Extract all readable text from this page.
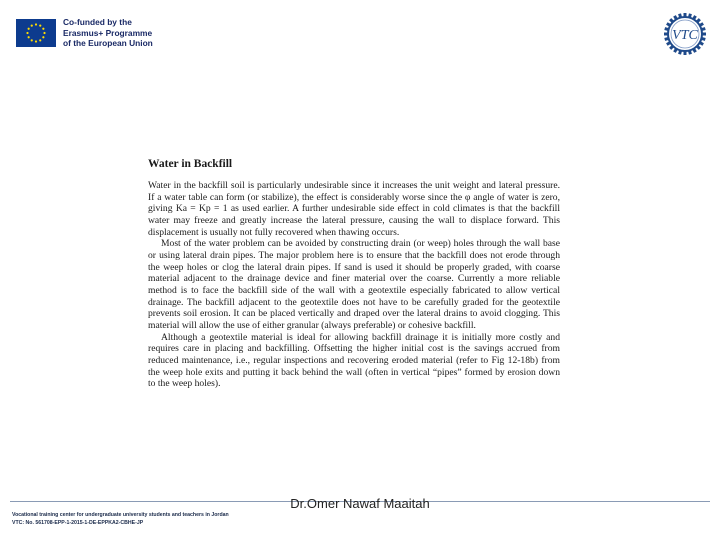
Co-funded by the
Erasmus+ Programme
of the European Union	VTC
Water in Backfill

Water in the backfill soil is particularly undesirable since it increases the unit weight and lateral pressure. If a water table can form (or stabilize), the effect is considerably worse since the φ angle of water is zero, giving Ka = Kp = 1 as used earlier. A further undesirable side effect in cold climates is that the backfill water may freeze and greatly increase the lateral pressure, causing the wall to displace forward. This displacement is usually not fully recovered when thawing occurs.

Most of the water problem can be avoided by constructing drain (or weep) holes through the wall base or using lateral drain pipes. The major problem here is to ensure that the backfill does not erode through the weep holes or clog the lateral drain pipes. If sand is used it should be properly graded, with coarse material adjacent to the drainage device and finer material over the coarse. Currently a more reliable method is to face the backfill side of the wall with a geotextile especially fabricated to allow vertical drainage. The backfill adjacent to the geotextile does not have to be carefully graded for the geotextile prevents soil erosion. It can be placed vertically and draped over the lateral drains to avoid clogging. This material will allow the use of either granular (always preferable) or cohesive backfill.

Although a geotextile material is ideal for allowing backfill drainage it is initially more costly and requires care in placing and backfilling. Offsetting the higher initial cost is the savings accrued from reduced maintenance, i.e., regular inspections and recovering eroded material (refer to Fig 12-18b) from the weep hole exits and putting it back behind the wall (often in vertical “pipes” formed by erosion down to the weep holes).

Vocational training center for undergraduate university students and teachers in Jordan
VTC: No. 561708-EPP-1-2015-1-DE-EPPKA2-CBHE-JP
Dr.Omer Nawaf Maaitah
